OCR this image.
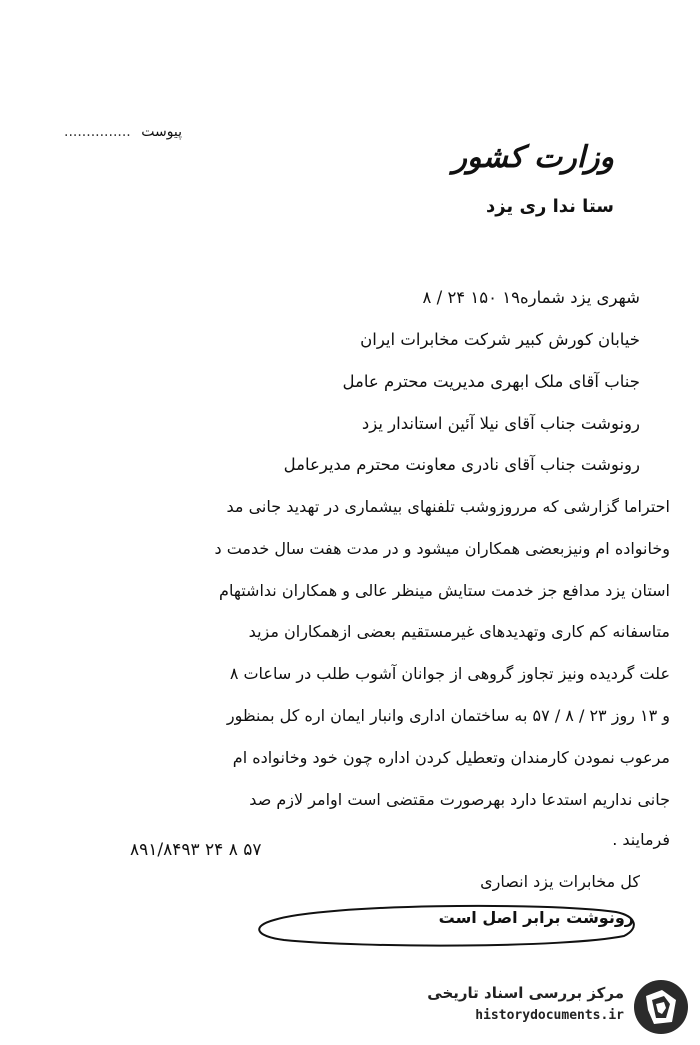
پیوست ...............
وزارت کشور
ستا ندا ری یزد
شهری یزد شماره۱۹ ۱۵۰ ۲۴ / ۸
خیابان کورش کبیر شرکت مخابرات ایران
جناب آقای ملک ابهری مدیریت محترم عامل
رونوشت جناب آقای نیلا آئین استاندار یزد
رونوشت جناب آقای نادری معاونت محترم مدیرعامل
احتراما گزارشی که مرروزوشب تلفنهای بیشماری در تهدید جانی مد
وخانواده ام ونیزبعضی همکاران میشود و در مدت هفت سال خدمت د
استان یزد مدافع جز خدمت ستایش مینظر عالی و همکاران نداشتهام
متاسفانه کم کاری وتهدیدهای غیرمستقیم بعضی ازهمکاران مزید
علت گردیده ونیز تجاوز گروهی از جوانان آشوب طلب در ساعات ۸
و ۱۳ روز ۲۳ / ۸ / ۵۷ به ساختمان اداری وانبار ایمان اره کل بمنظور
مرعوب نمودن کارمندان وتعطیل کردن اداره چون خود وخانواده ام
جانی نداریم استدعا دارد بهرصورت مقتضی است اوامر لازم صد
فرمایند .
۸۹۱/۸۴۹۳ ۲۴ ۸ ۵۷
کل مخابرات یزد انصاری
رونوشت برابر اصل است
مرکز بررسی اسناد تاریخی
historydocuments.ir
